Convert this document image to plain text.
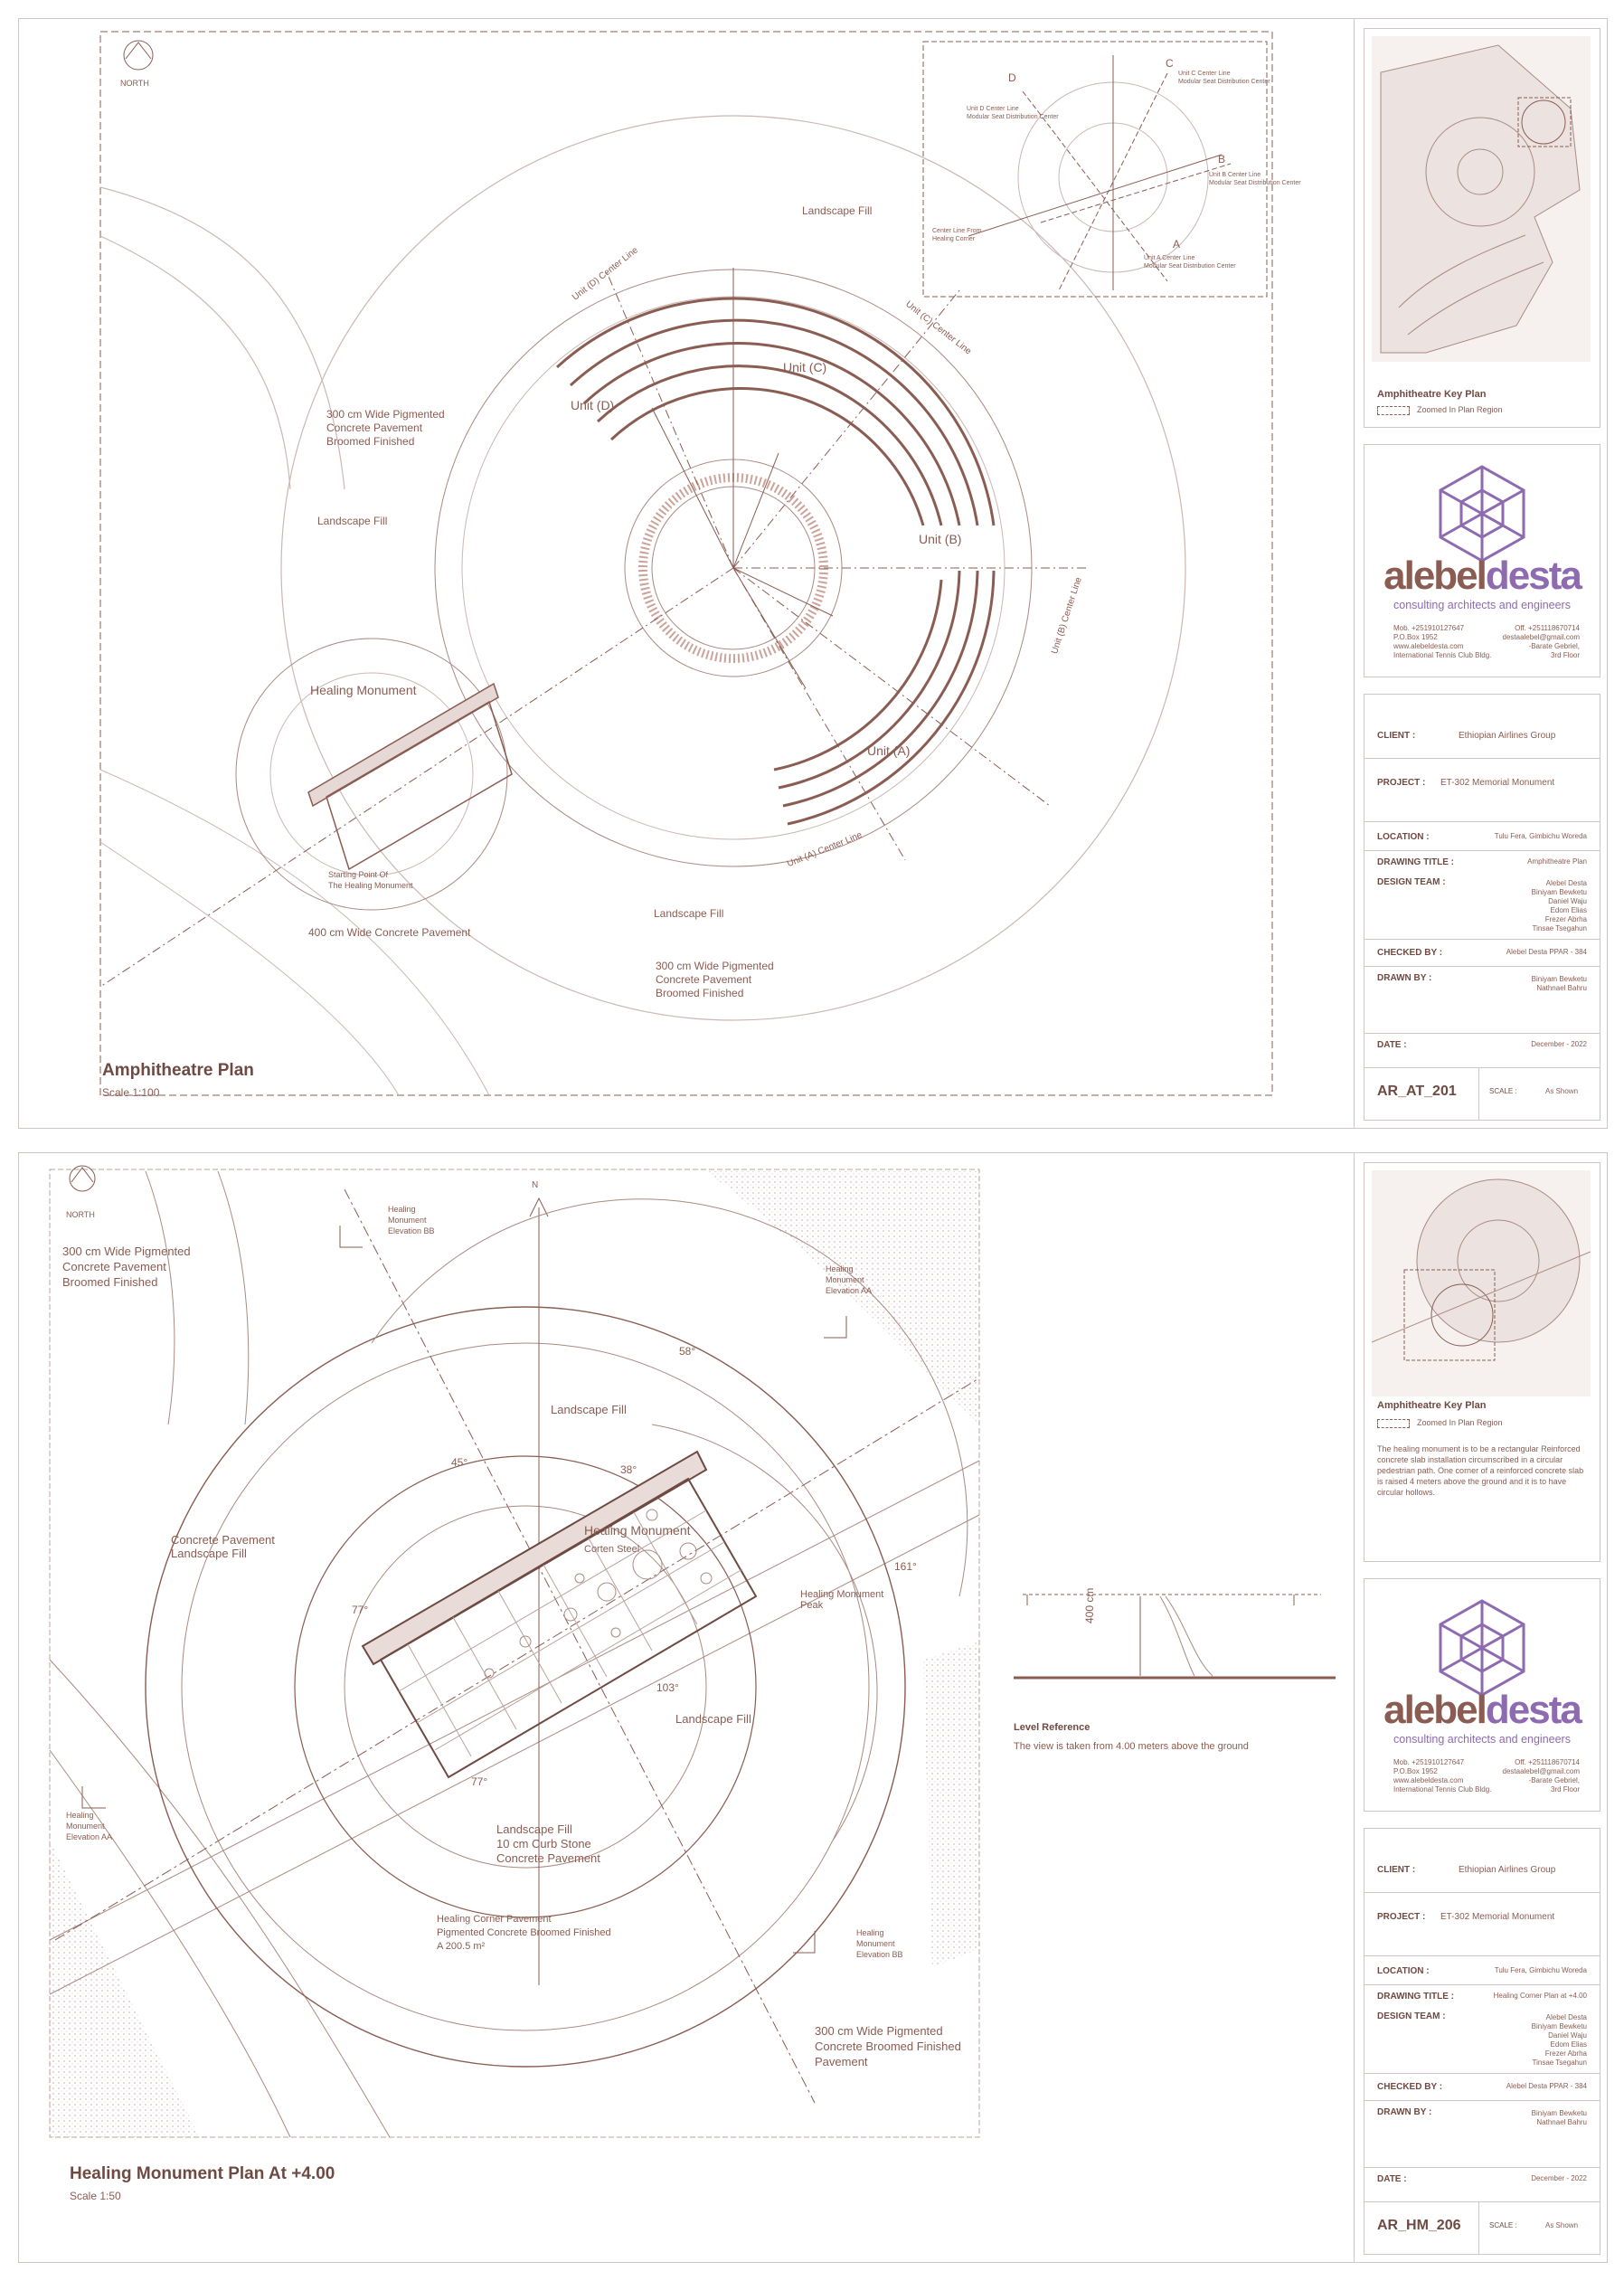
Landscape Fill
Landscape Fill
Landscape Fill
300 cm Wide Pigmented
Concrete Pavement
Broomed Finished
300 cm Wide Pigmented
Concrete Pavement
Broomed Finished
400 cm Wide Concrete Pavement
Healing Monument
Starting Point Of
The Healing Monument
Unit (A)
Unit (B)
Unit (C)
Unit (D)
Unit (A) Center Line
Unit (B) Center Line
Unit (C) Center Line
Unit (D) Center Line
NORTH
A
B
C
D
Unit A Center Line
Modular Seat Distribution Center
Unit B Center Line
Modular Seat Distribution Center
Unit C Center Line
Modular Seat Distribution Center
Unit D Center Line
Modular Seat Distribution Center
Center Line From
Healing Corner
Amphitheatre Plan
Scale 1:100
Amphitheatre Key Plan
Zoomed In Plan Region
alebeldesta
consulting architects and engineers
Mob. +251910127647
P.O.Box 1952
www.alebeldesta.com
International Tennis Club Bldg.
Off. +251118670714
destaalebel@gmail.com
-Barate Gebriel,
3rd Floor
CLIENT :	Ethiopian Airlines Group
PROJECT : ET-302 Memorial Monument
LOCATION :	Tulu Fera, Gimbichu Woreda
DRAWING TITLE :	Amphitheatre Plan
DESIGN TEAM :	Alebel Desta
Biniyam Bewketu
Daniel Waju
Edom Elias
Frezer Abrha
Tinsae Tsegahun
CHECKED BY :	Alebel Desta PPAR - 384
DRAWN BY :	Biniyam Bewketu
Nathnael Bahru
DATE :	December - 2022
AR_AT_201	SCALE :	As Shown
NORTH
N
300 cm Wide Pigmented
Concrete Pavement
Broomed Finished
300 cm Wide Pigmented
Concrete Broomed Finished
Pavement
Healing
Monument
Elevation BB
Healing
Monument
Elevation AA
Healing
Monument
Elevation AA
Healing
Monument
Elevation BB
Landscape Fill
Landscape Fill
Concrete Pavement
Landscape Fill
Healing Monument
Corten Steel
Healing Monument
Peak
Landscape Fill
10 cm Curb Stone
Concrete Pavement
Healing Corner Pavement
Pigmented Concrete Broomed Finished
A 200.5 m²
58°
45°
38°
77°
77°
103°
161°
400 cm
Level Reference
The view is taken from 4.00 meters above the ground
Healing Monument Plan At +4.00
Scale 1:50
Amphitheatre Key Plan
Zoomed In Plan Region
The healing monument is to be a rectangular Reinforced concrete slab installation circumscribed in a circular pedestrian path. One corner of a reinforced concrete slab is raised 4 meters above the ground and it is to have circular hollows.
alebeldesta
consulting architects and engineers
Mob. +251910127647
P.O.Box 1952
www.alebeldesta.com
International Tennis Club Bldg.
Off. +251118670714
destaalebel@gmail.com
-Barate Gebriel,
3rd Floor
CLIENT :	Ethiopian Airlines Group
PROJECT : ET-302 Memorial Monument
LOCATION :	Tulu Fera, Gimbichu Woreda
DRAWING TITLE :	Healing Corner Plan at +4.00
DESIGN TEAM :	Alebel Desta
Biniyam Bewketu
Daniel Waju
Edom Elias
Frezer Abrha
Tinsae Tsegahun
CHECKED BY :	Alebel Desta PPAR - 384
DRAWN BY :	Biniyam Bewketu
Nathnael Bahru
DATE :	December - 2022
AR_HM_206	SCALE :	As Shown
